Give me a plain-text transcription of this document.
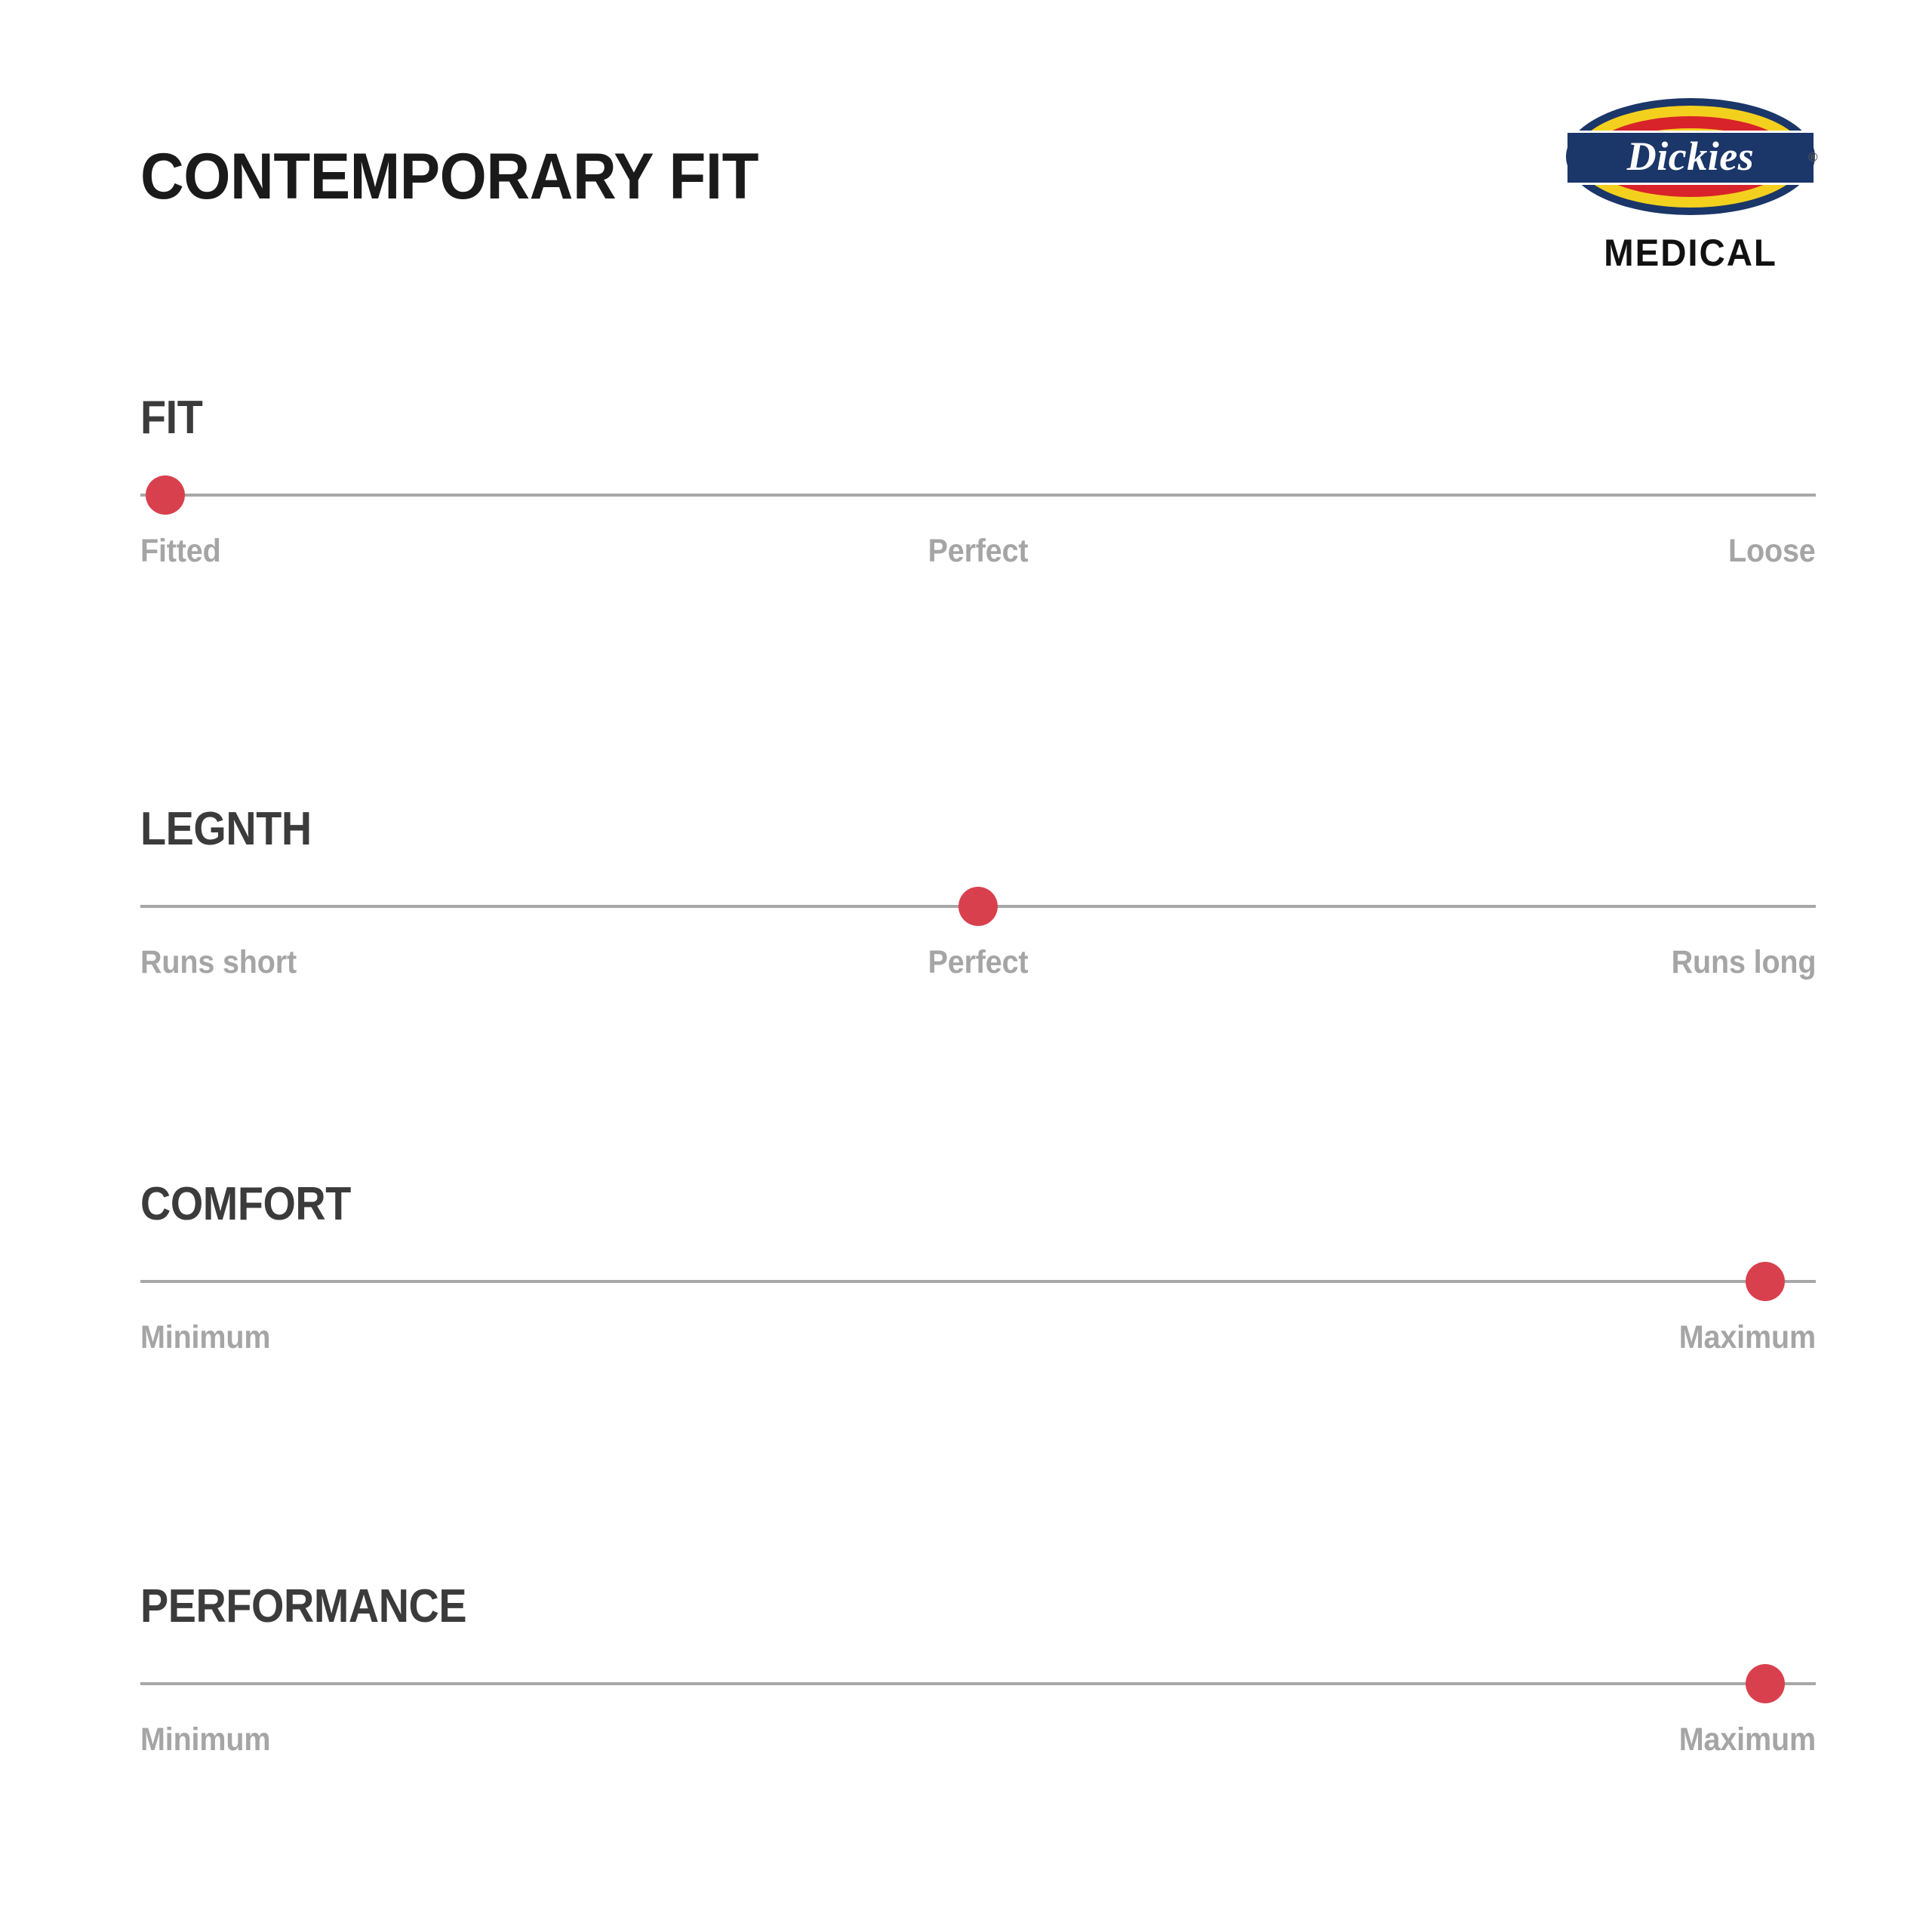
CONTEMPORARY FIT	Dickies	®
MEDICAL
FIT
Fitted	Perfect	Loose
LEGNTH
Runs short	Perfect	Runs long
COMFORT
Minimum	Maximum
PERFORMANCE
Minimum	Maximum
